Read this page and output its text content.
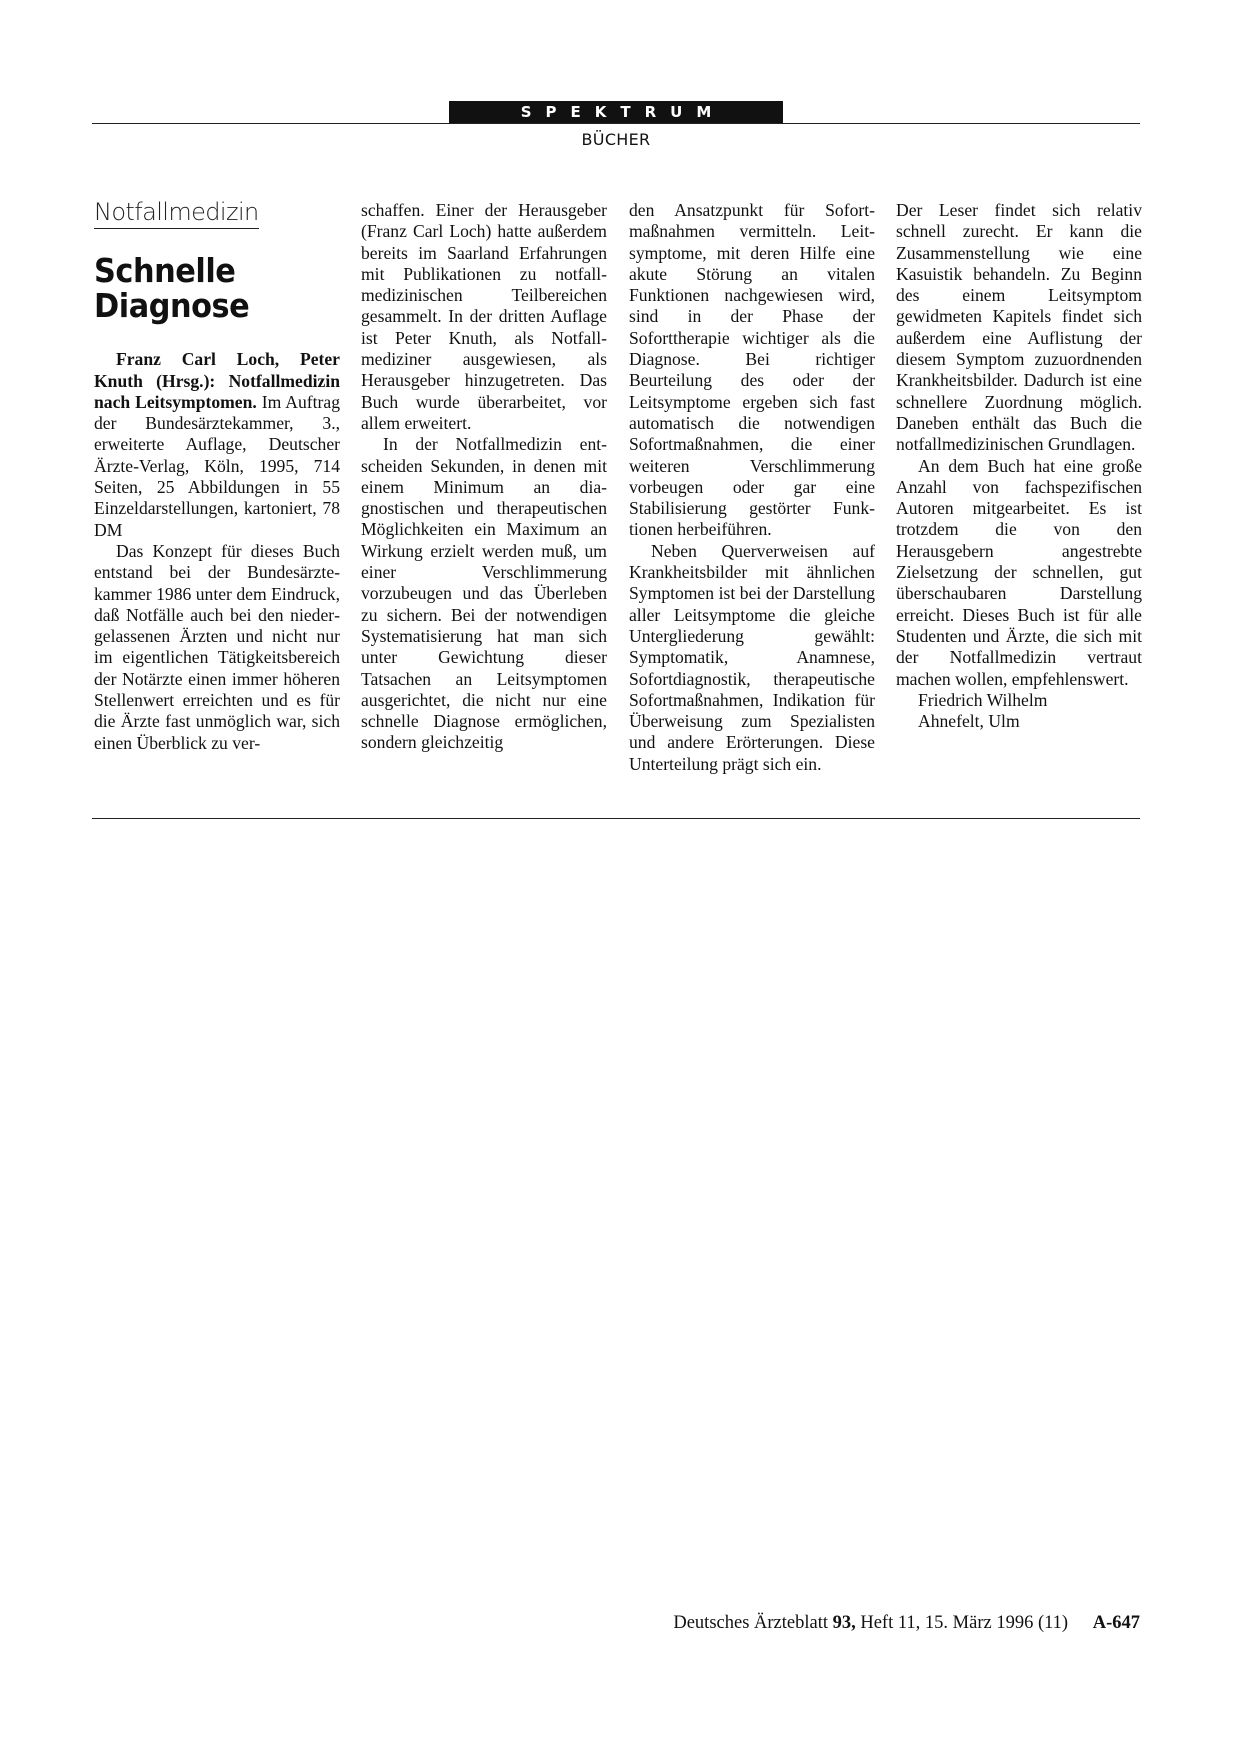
SPEKTRUM
BÜCHER
Notfallmedizin
Schnelle
Diagnose

Franz Carl Loch, Peter Knuth (Hrsg.): Notfallmedizin nach Leitsymptomen. Im Auftrag der Bundesärztekammer, 3., erweiterte Auflage, Deutscher Ärzte-Verlag, Köln, 1995, 714 Seiten, 25 Abbildungen in 55 Einzeldarstellungen, kartoniert, 78 DM

Das Konzept für dieses Buch entstand bei der Bundesärztekammer 1986 unter dem Eindruck, daß Notfälle auch bei den niedergelassenen Ärzten und nicht nur im eigentlichen Tätigkeitsbereich der Notärzte einen immer höheren Stellenwert erreichten und es für die Ärzte fast unmöglich war, sich einen Überblick zu ver-

schaffen. Einer der Herausgeber (Franz Carl Loch) hatte außerdem bereits im Saarland Erfahrungen mit Publikationen zu notfallmedizinischen Teilbereichen gesammelt. In der dritten Auflage ist Peter Knuth, als Notfallmediziner ausgewiesen, als Herausgeber hinzugetreten. Das Buch wurde überarbeitet, vor allem erweitert.

In der Notfallmedizin entscheiden Sekunden, in denen mit einem Minimum an diagnostischen und therapeutischen Möglichkeiten ein Maximum an Wirkung erzielt werden muß, um einer Verschlimmerung vorzubeugen und das Überleben zu sichern. Bei der notwendigen Systematisierung hat man sich unter Gewichtung dieser Tatsachen an Leitsymptomen ausgerichtet, die nicht nur eine schnelle Diagnose ermöglichen, sondern gleichzeitig

den Ansatzpunkt für Sofortmaßnahmen vermitteln. Leitsymptome, mit deren Hilfe eine akute Störung an vitalen Funktionen nachgewiesen wird, sind in der Phase der Soforttherapie wichtiger als die Diagnose. Bei richtiger Beurteilung des oder der Leitsymptome ergeben sich fast automatisch die notwendigen Sofortmaßnahmen, die einer weiteren Verschlimmerung vorbeugen oder gar eine Stabilisierung gestörter Funktionen herbeiführen.

Neben Querverweisen auf Krankheitsbilder mit ähnlichen Symptomen ist bei der Darstellung aller Leitsymptome die gleiche Untergliederung gewählt: Symptomatik, Anamnese, Sofortdiagnostik, therapeutische Sofortmaßnahmen, Indikation für Überweisung zum Spezialisten und andere Erörterungen. Diese Unterteilung prägt sich ein.

Der Leser findet sich relativ schnell zurecht. Er kann die Zusammenstellung wie eine Kasuistik behandeln. Zu Beginn des einem Leitsymptom gewidmeten Kapitels findet sich außerdem eine Auflistung der diesem Symptom zuzuordnenden Krankheitsbilder. Dadurch ist eine schnellere Zuordnung möglich. Daneben enthält das Buch die notfallmedizinischen Grundlagen.

An dem Buch hat eine große Anzahl von fachspezifischen Autoren mitgearbeitet. Es ist trotzdem die von den Herausgebern angestrebte Zielsetzung der schnellen, gut überschaubaren Darstellung erreicht. Dieses Buch ist für alle Studenten und Ärzte, die sich mit der Notfallmedizin vertraut machen wollen, empfehlenswert.

Friedrich Wilhelm

Ahnefelt, Ulm

Deutsches Ärzteblatt 93, Heft 11, 15. März 1996 (11) A-647
